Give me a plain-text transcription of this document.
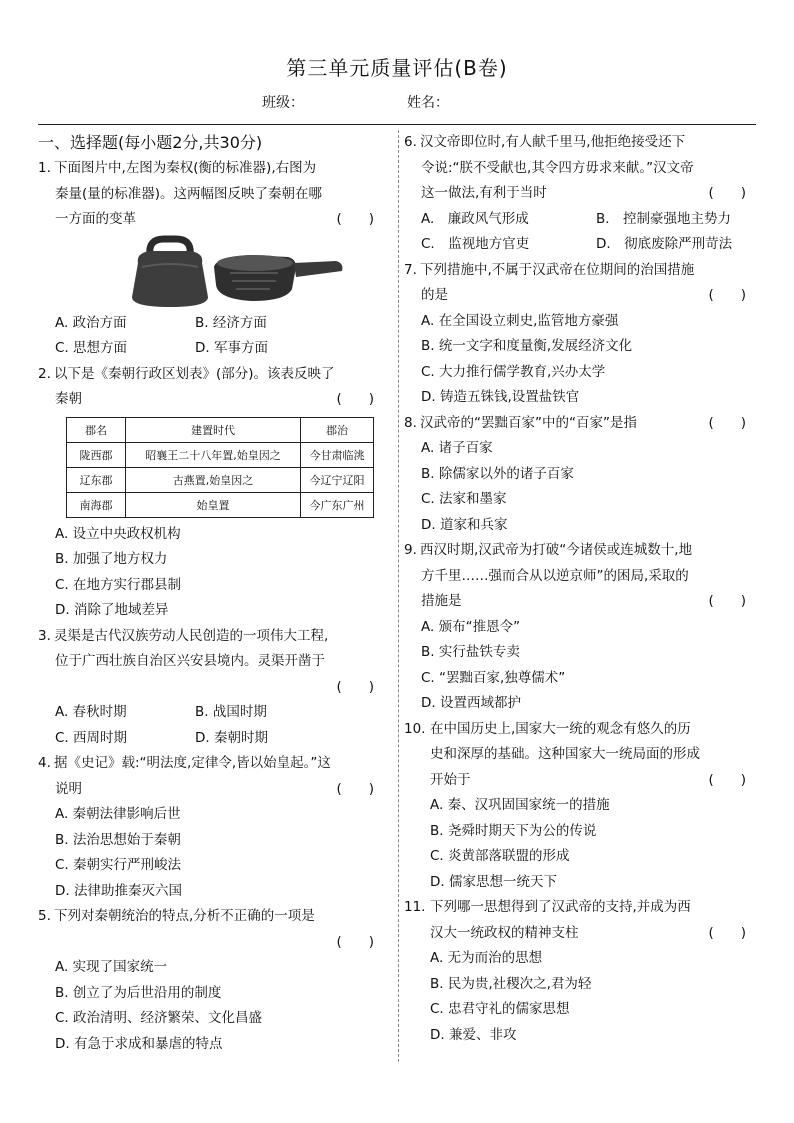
第三单元质量评估(B卷)
班级：	姓名：
一、选择题(每小题2分,共30分)
1. 下面图片中,左图为秦权(衡的标准器),右图为
秦量(量的标准器)。这两幅图反映了秦朝在哪
一方面的变革	(　　)
A. 政治方面	B. 经济方面
C. 思想方面	D. 军事方面
2. 以下是《秦朝行政区划表》(部分)。该表反映了
秦朝	(　　)
郡名	建置时代	郡治
陇西郡	昭襄王二十八年置,始皇因之	今甘肃临洮
辽东郡	古燕置,始皇因之	今辽宁辽阳
南海郡	始皇置	今广东广州
A. 设立中央政权机构
B. 加强了地方权力
C. 在地方实行郡县制
D. 消除了地域差异
3. 灵渠是古代汉族劳动人民创造的一项伟大工程,
位于广西壮族自治区兴安县境内。灵渠开凿于
(　　)
A. 春秋时期	B. 战国时期
C. 西周时期	D. 秦朝时期
4. 据《史记》载:“明法度,定律令,皆以始皇起。”这
说明	(　　)
A. 秦朝法律影响后世
B. 法治思想始于秦朝
C. 秦朝实行严刑峻法
D. 法律助推秦灭六国
5. 下列对秦朝统治的特点,分析不正确的一项是
(　　)
A. 实现了国家统一
B. 创立了为后世沿用的制度
C. 政治清明、经济繁荣、文化昌盛
D. 有急于求成和暴虐的特点
6. 汉文帝即位时,有人献千里马,他拒绝接受还下
令说:“朕不受献也,其令四方毋求来献。”汉文帝
这一做法,有利于当时	(　　)
A.　廉政风气形成	B.　控制豪强地主势力
C.　监视地方官吏	D.　彻底废除严刑苛法
7. 下列措施中,不属于汉武帝在位期间的治国措施
的是	(　　)
A. 在全国设立刺史,监管地方豪强
B. 统一文字和度量衡,发展经济文化
C. 大力推行儒学教育,兴办太学
D. 铸造五铢钱,设置盐铁官
8. 汉武帝的“罢黜百家”中的“百家”是指	(　　)
A. 诸子百家
B. 除儒家以外的诸子百家
C. 法家和墨家
D. 道家和兵家
9. 西汉时期,汉武帝为打破“今诸侯或连城数十,地
方千里……强而合从以逆京师”的困局,采取的
措施是	(　　)
A. 颁布“推恩令”
B. 实行盐铁专卖
C. “罢黜百家,独尊儒术”
D. 设置西域都护
10. 在中国历史上,国家大一统的观念有悠久的历
史和深厚的基础。这种国家大一统局面的形成
开始于	(　　)
A. 秦、汉巩固国家统一的措施
B. 尧舜时期天下为公的传说
C. 炎黄部落联盟的形成
D. 儒家思想一统天下
11. 下列哪一思想得到了汉武帝的支持,并成为西
汉大一统政权的精神支柱	(　　)
A. 无为而治的思想
B. 民为贵,社稷次之,君为轻
C. 忠君守礼的儒家思想
D. 兼爱、非攻
